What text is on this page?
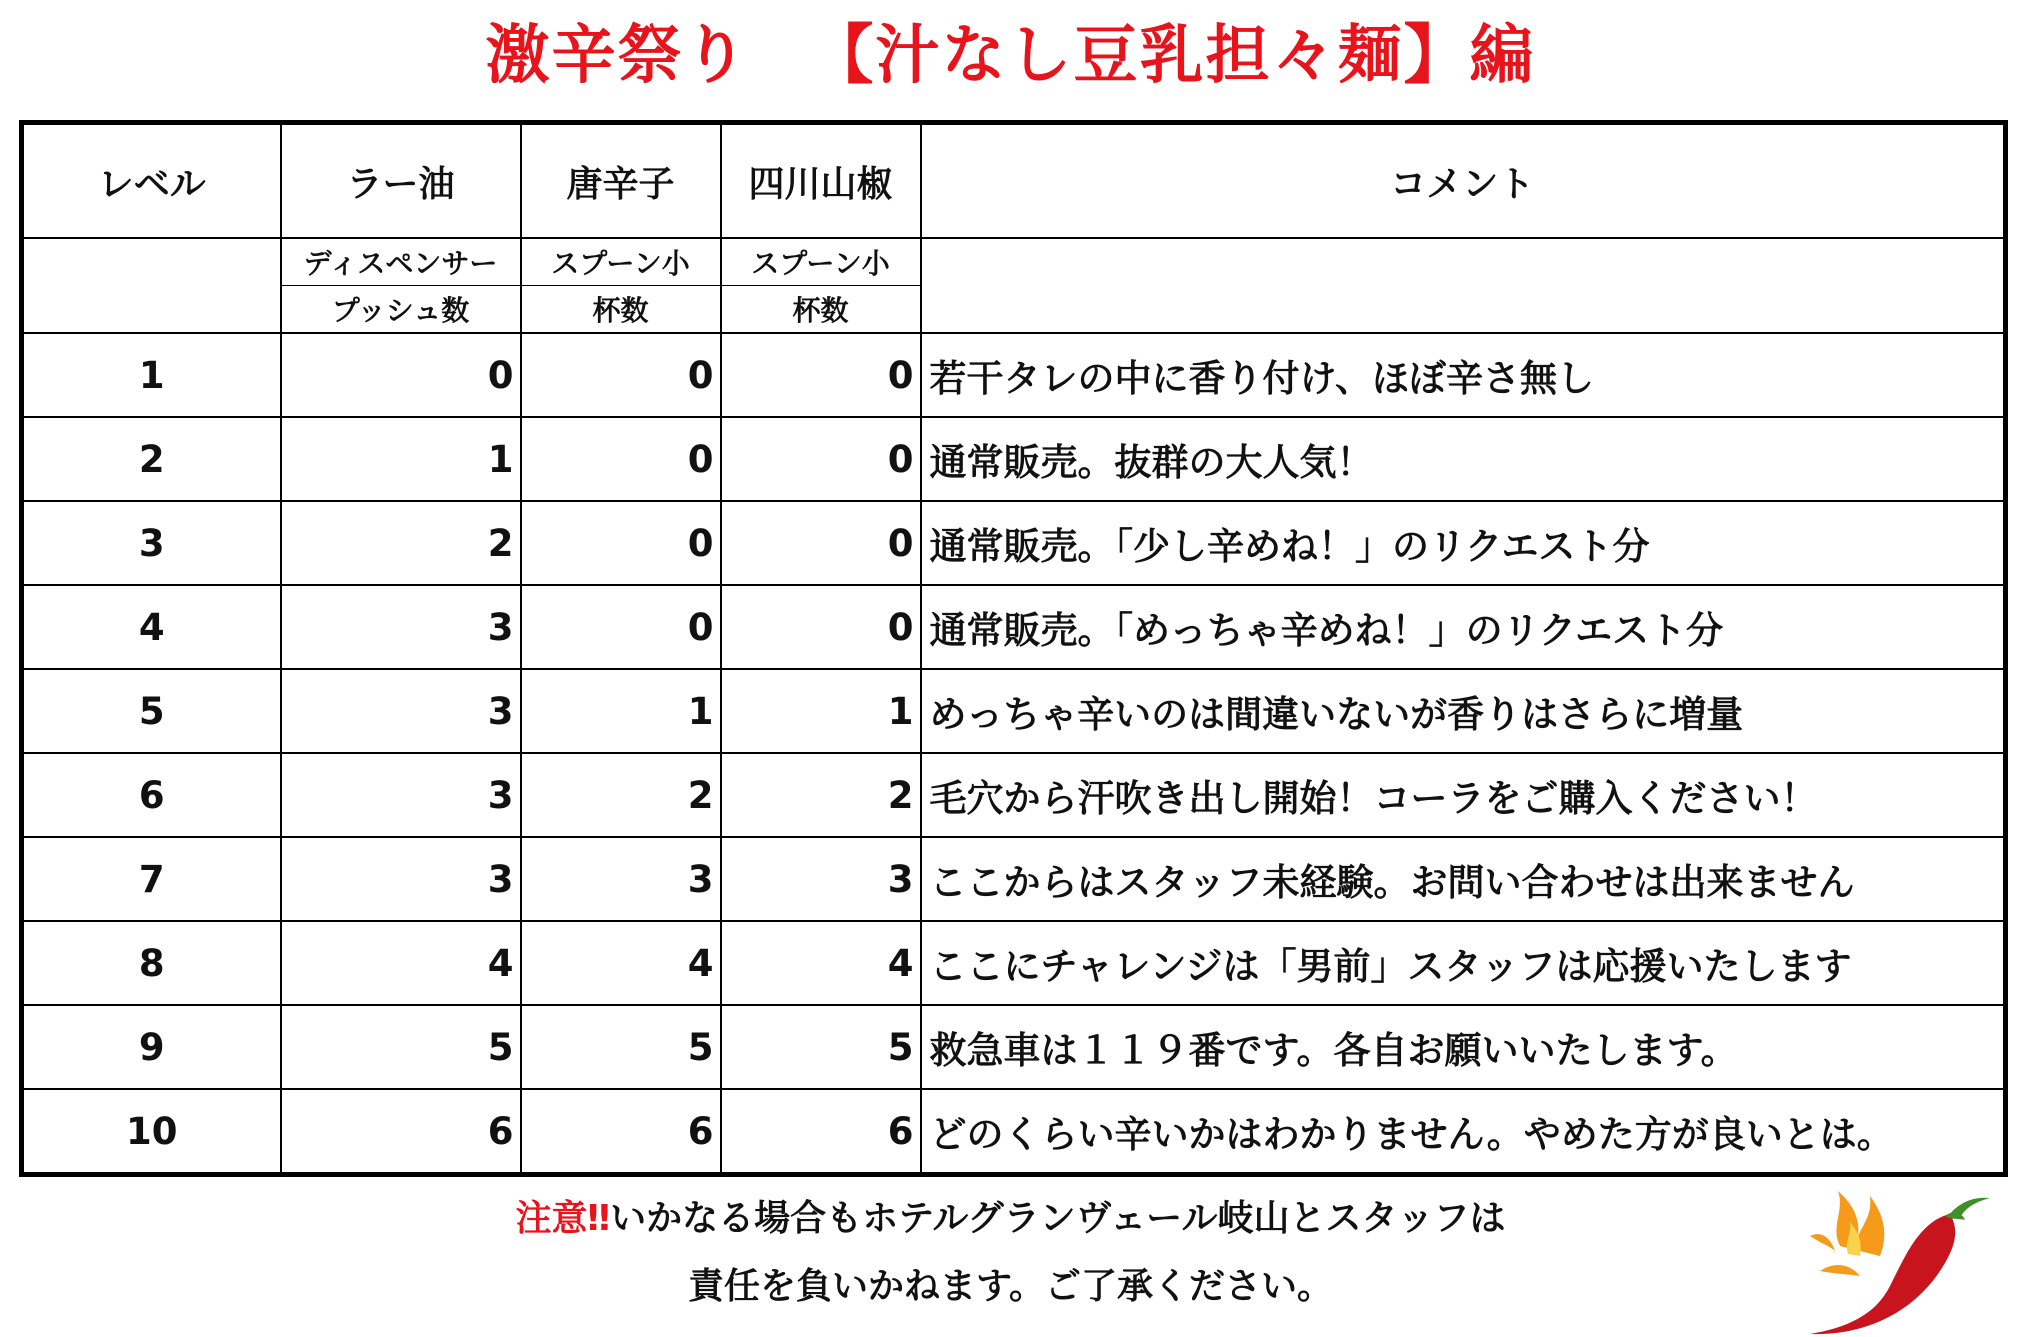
激辛祭り 【汁なし豆乳担々麺】編
レベル	ラー油	唐辛子	四川山椒	コメント
	ディスペンサー	スプーン小	スプーン小	
	プッシュ数	杯数	杯数	
1	0	0	0	若干タレの中に香り付け、ほぼ辛さ無し
2	1	0	0	通常販売。抜群の大人気！
3	2	0	0	通常販売。「少し辛めね！」のリクエスト分
4	3	0	0	通常販売。「めっちゃ辛めね！」のリクエスト分
5	3	1	1	めっちゃ辛いのは間違いないが香りはさらに増量
6	3	2	2	毛穴から汗吹き出し開始！コーラをご購入ください！
7	3	3	3	ここからはスタッフ未経験。お問い合わせは出来ません
8	4	4	4	ここにチャレンジは「男前」スタッフは応援いたします
9	5	5	5	救急車は１１９番です。各自お願いいたします。
10	6	6	6	どのくらい辛いかはわかりません。やめた方が良いとは。
注意‼いかなる場合もホテルグランヴェール岐山とスタッフは
責任を負いかねます。ご了承ください。
